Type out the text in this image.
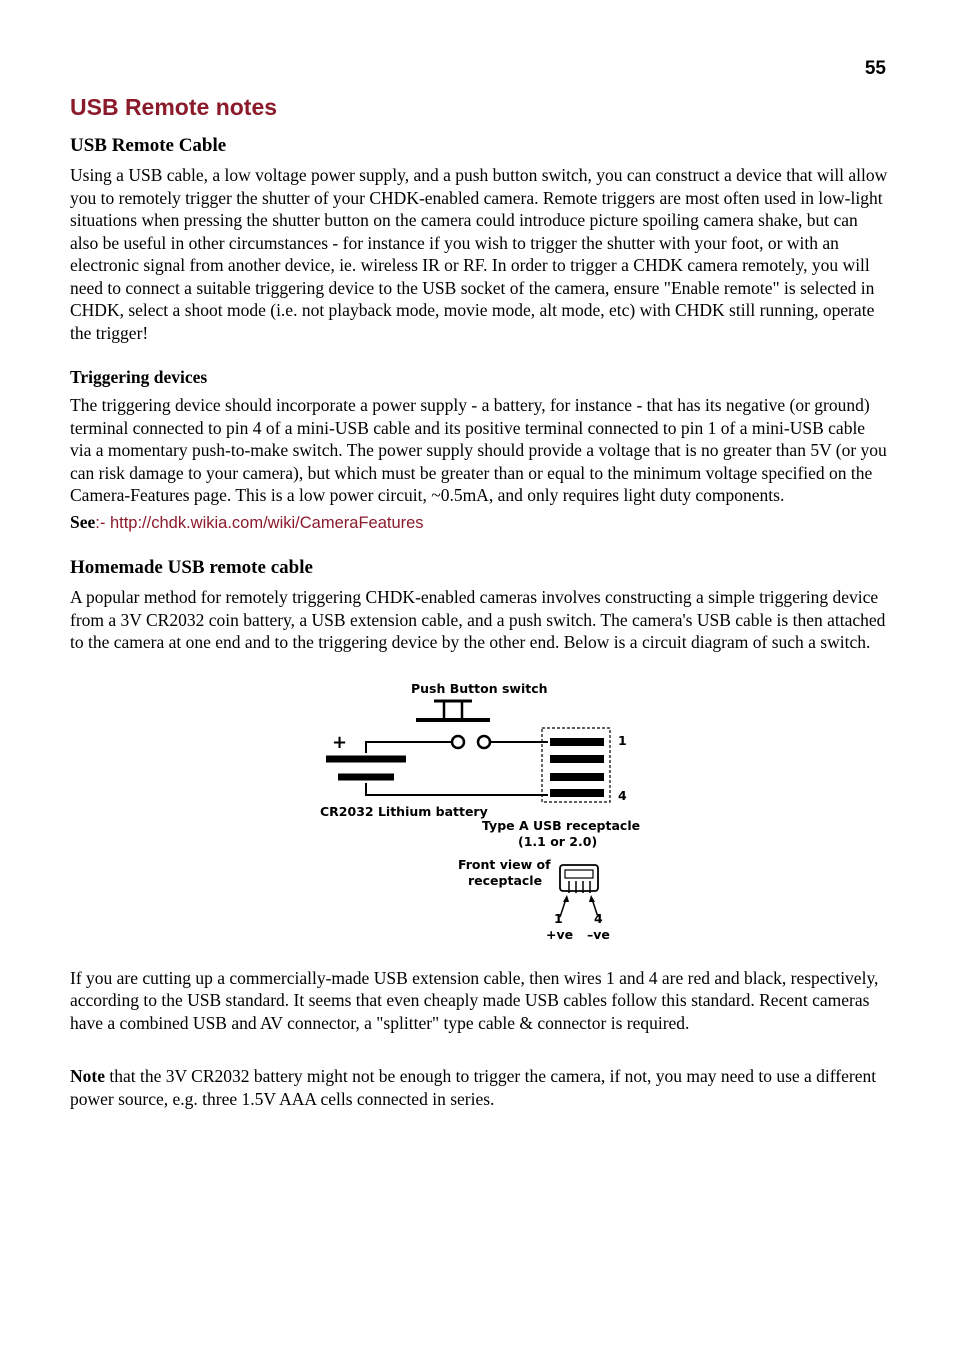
55
USB Remote notes
USB Remote Cable

Using a USB cable, a low voltage power supply, and a push button switch, you can construct a device that will allow you to remotely trigger the shutter of your CHDK-enabled camera. Remote triggers are most often used in low-light situations when pressing the shutter button on the camera could introduce picture spoiling camera shake, but can also be useful in other circumstances - for instance if you wish to trigger the shutter with your foot, or with an electronic signal from another device, ie. wireless IR or RF. In order to trigger a CHDK camera remotely, you will need to connect a suitable triggering device to the USB socket of the camera, ensure "Enable remote" is selected in CHDK, select a shoot mode (i.e. not playback mode, movie mode, alt mode, etc) with CHDK still running, operate the trigger!

Triggering devices

The triggering device should incorporate a power supply - a battery, for instance - that has its negative (or ground) terminal connected to pin 4 of a mini-USB cable and its positive terminal connected to pin 1 of a mini-USB cable via a momentary push-to-make switch. The power supply should provide a voltage that is no greater than 5V (or you can risk damage to your camera), but which must be greater than or equal to the minimum voltage specified on the Camera-Features page. This is a low power circuit, ~0.5mA, and only requires light duty components.

See:- http://chdk.wikia.com/wiki/CameraFeatures

Homemade USB remote cable

A popular method for remotely triggering CHDK-enabled cameras involves constructing a simple triggering device from a 3V CR2032 coin battery, a USB extension cable, and a push switch. The camera's USB cable is then attached to the camera at one end and to the triggering device by the other end. Below is a circuit diagram of such a switch.

Push Button switch
+	1
4
CR2032 Lithium battery
Type A USB receptacle
(1.1 or 2.0)
Front view of
receptacle
1	4
+ve –ve

If you are cutting up a commercially-made USB extension cable, then wires 1 and 4 are red and black, respectively, according to the USB standard. It seems that even cheaply made USB cables follow this standard. Recent cameras have a combined USB and AV connector, a "splitter" type cable & connector is required.

Note that the 3V CR2032 battery might not be enough to trigger the camera, if not, you may need to use a different power source, e.g. three 1.5V AAA cells connected in series.
